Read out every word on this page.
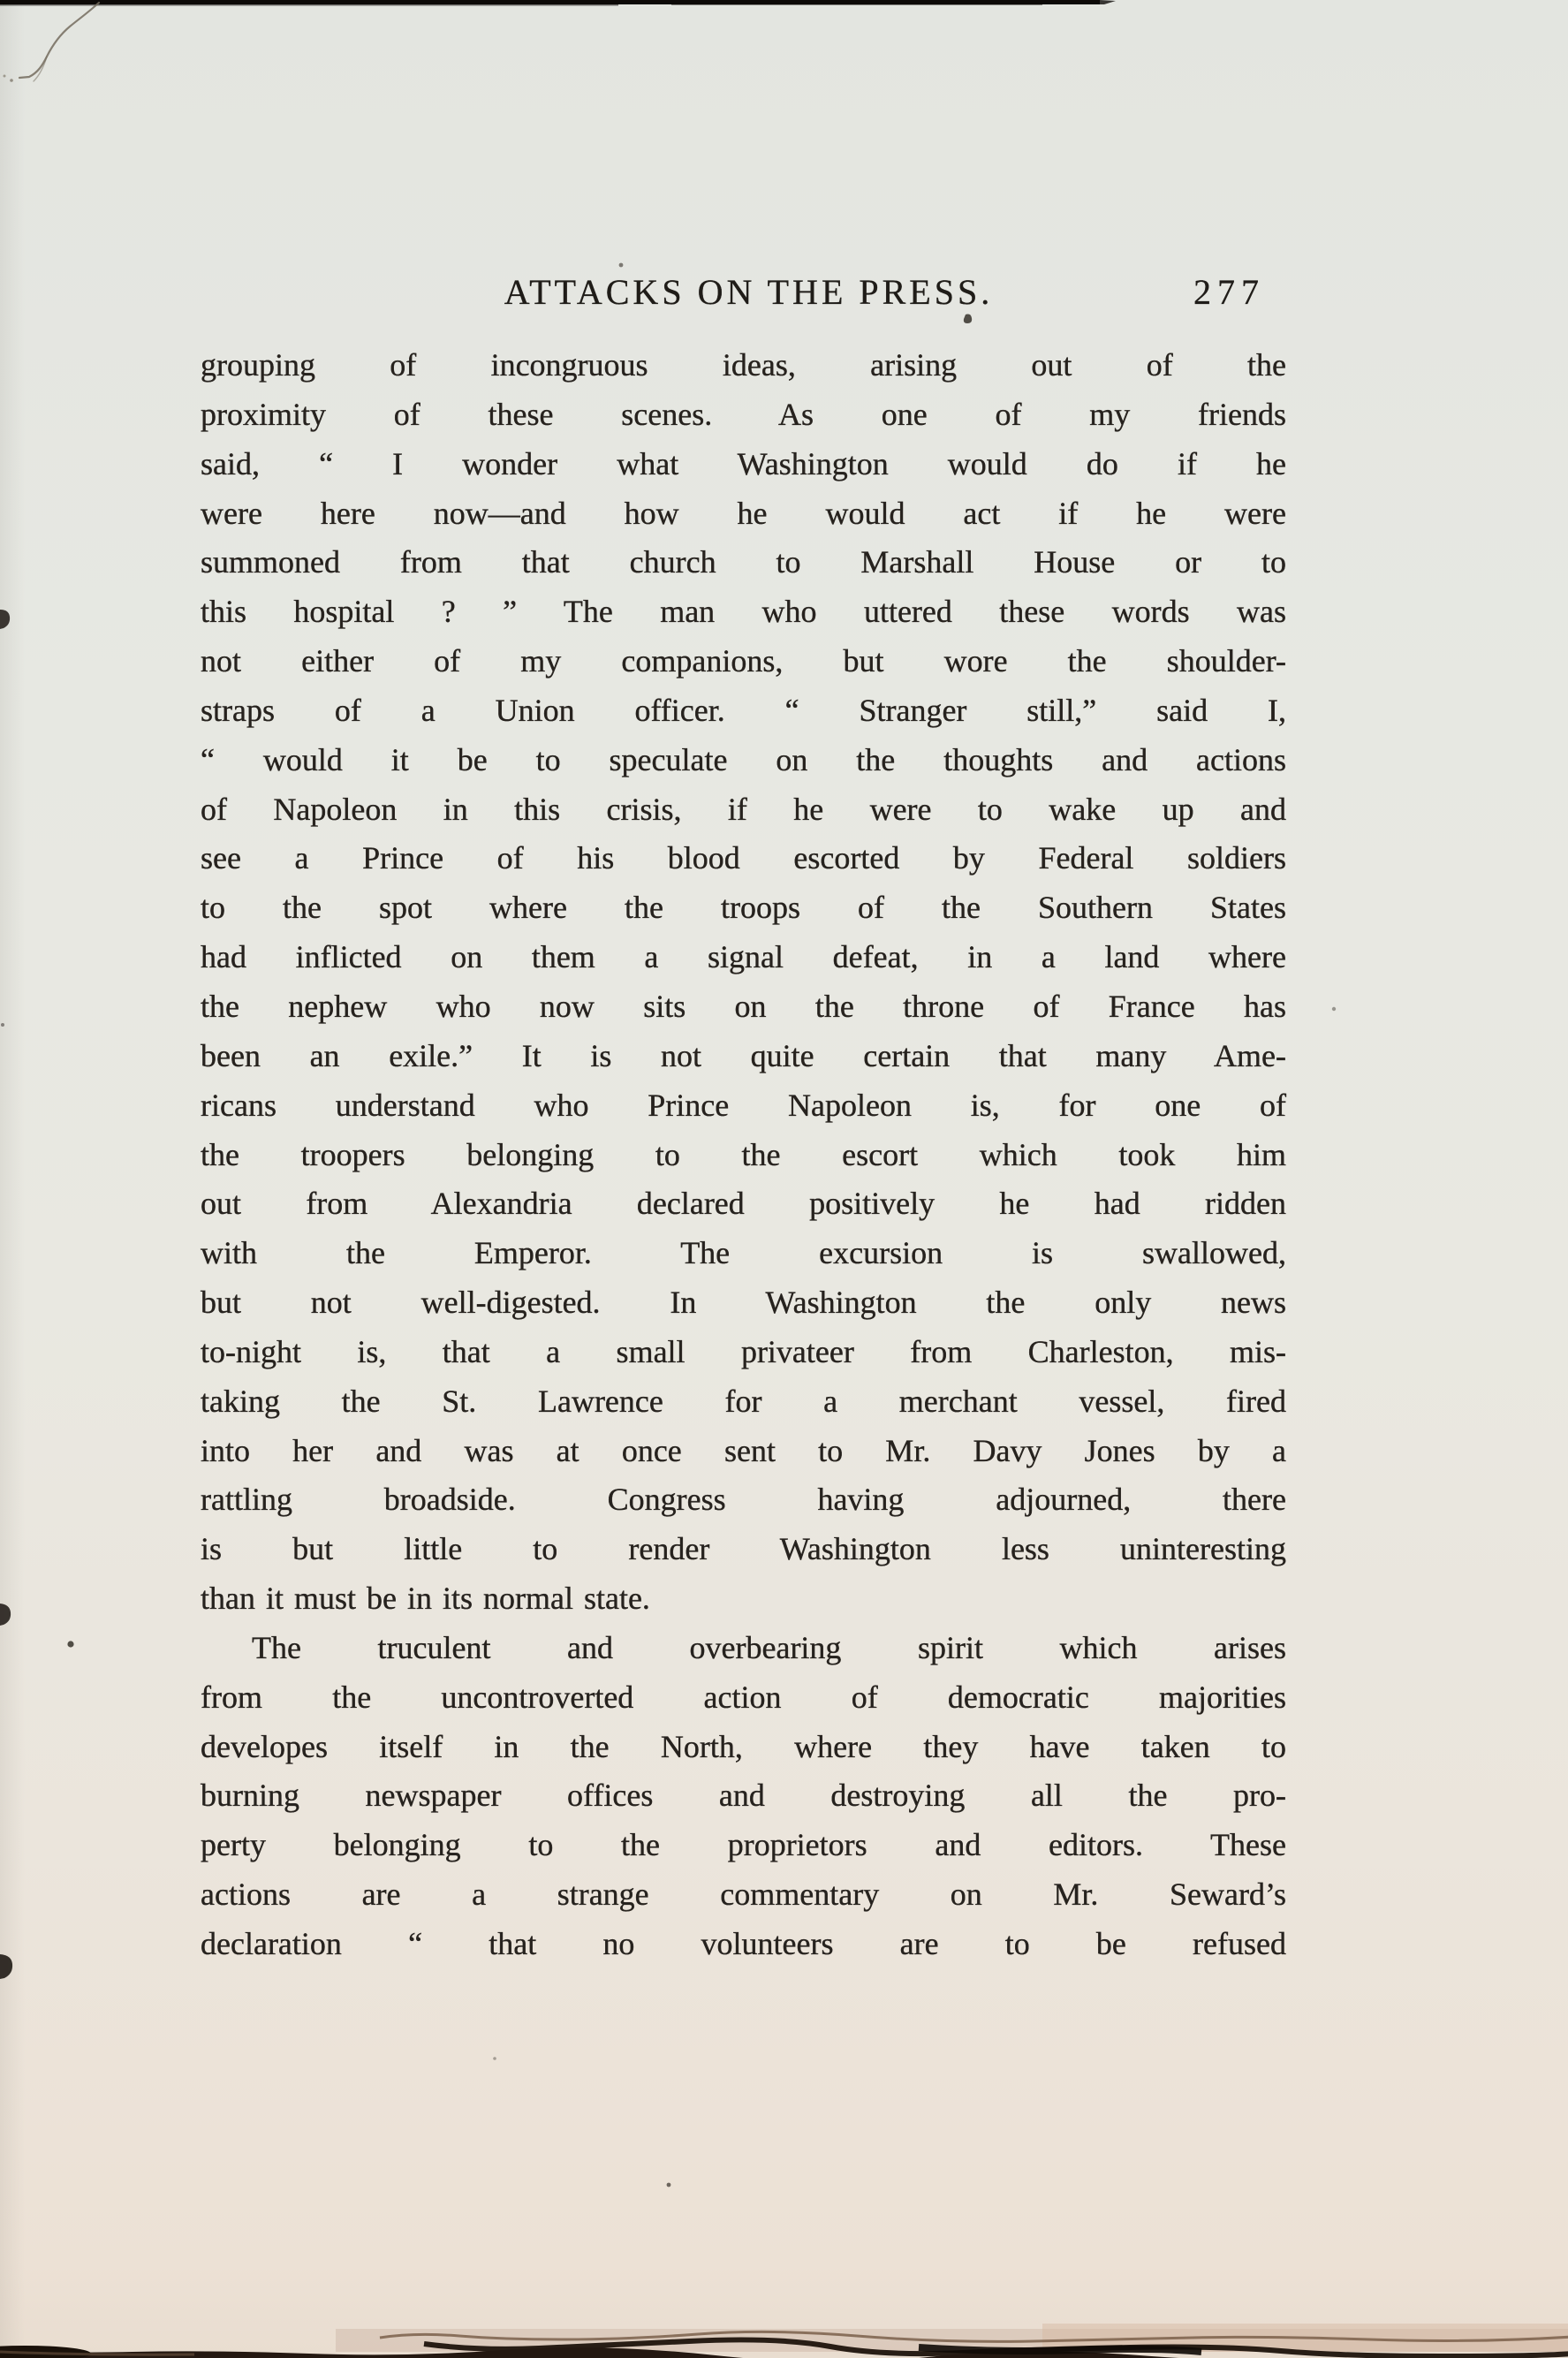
ATTACKS ON THE PRESS.	277
grouping of incongruous ideas, arising out of the
proximity of these scenes. As one of my friends
said, “ I wonder what Washington would do if he
were here now—and how he would act if he were
summoned from that church to Marshall House or to
this hospital ? ” The man who uttered these words was
not either of my companions, but wore the shoulder-
straps of a Union officer. “ Stranger still,” said I,
“ would it be to speculate on the thoughts and actions
of Napoleon in this crisis, if he were to wake up and
see a Prince of his blood escorted by Federal soldiers
to the spot where the troops of the Southern States
had inflicted on them a signal defeat, in a land where
the nephew who now sits on the throne of France has
been an exile.” It is not quite certain that many Ame-
ricans understand who Prince Napoleon is, for one of
the troopers belonging to the escort which took him
out from Alexandria declared positively he had ridden
with the Emperor. The excursion is swallowed,
but not well-digested. In Washington the only news
to-night is, that a small privateer from Charleston, mis-
taking the St. Lawrence for a merchant vessel, fired
into her and was at once sent to Mr. Davy Jones by a
rattling broadside. Congress having adjourned, there
is but little to render Washington less uninteresting
than it must be in its normal state.
The truculent and overbearing spirit which arises
from the uncontroverted action of democratic majorities
developes itself in the North, where they have taken to
burning newspaper offices and destroying all the pro-
perty belonging to the proprietors and editors. These
actions are a strange commentary on Mr. Seward’s
declaration “ that no volunteers are to be refused
